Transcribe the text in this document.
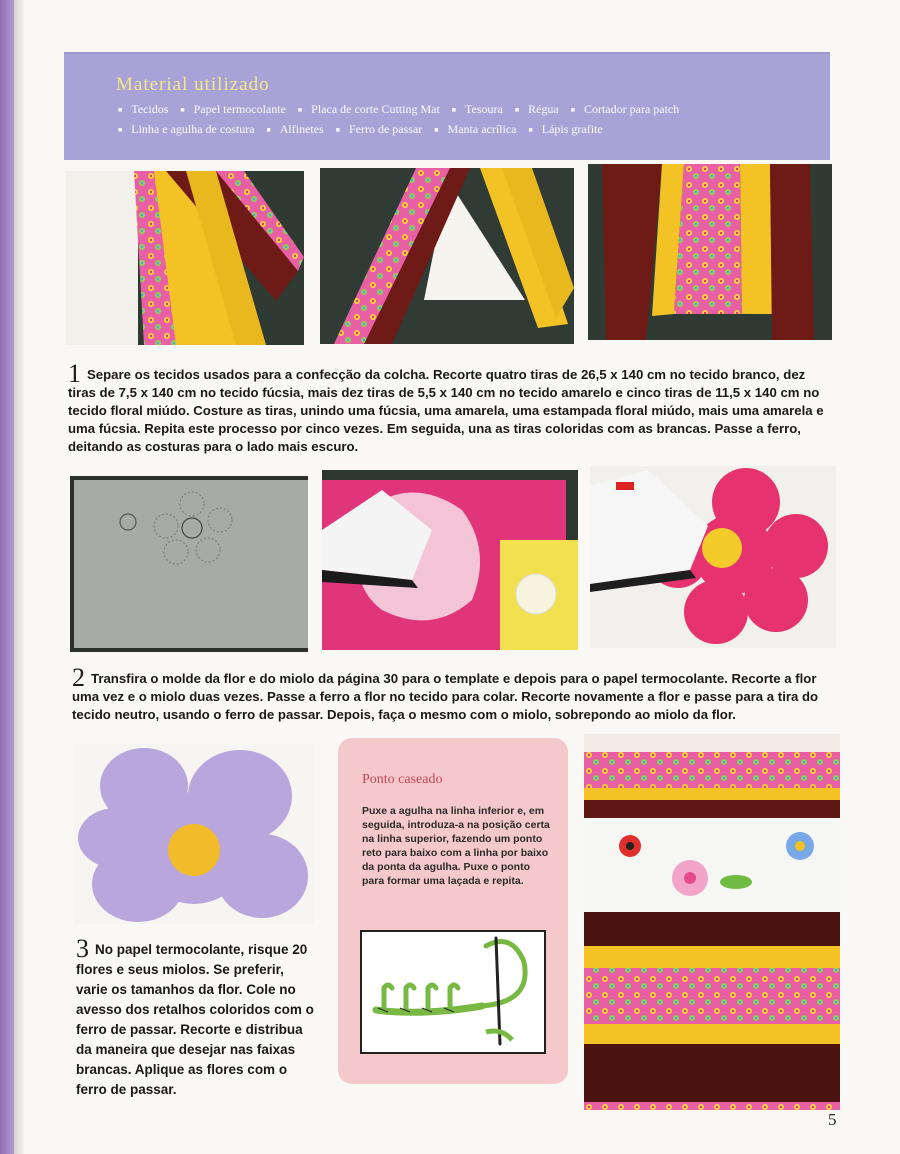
Material utilizado
■ Tecidos ■ Papel termocolante ■ Placa de corte Cutting Mat ■ Tesoura ■ Régua ■ Cortador para patch
■ Linha e agulha de costura ■ Alfinetes ■ Ferro de passar ■ Manta acrílica ■ Lápis grafite
1 Separe os tecidos usados para a confecção da colcha. Recorte quatro tiras de 26,5 x 140 cm no tecido branco, dez tiras de 7,5 x 140 cm no tecido fúcsia, mais dez tiras de 5,5 x 140 cm no tecido amarelo e cinco tiras de 11,5 x 140 cm no tecido floral miúdo. Costure as tiras, unindo uma fúcsia, uma amarela, uma estampada floral miúdo, mais uma amarela e uma fúcsia. Repita este processo por cinco vezes. Em seguida, una as tiras coloridas com as brancas. Passe a ferro, deitando as costuras para o lado mais escuro.
2 Transfira o molde da flor e do miolo da página 30 para o template e depois para o papel termocolante. Recorte a flor uma vez e o miolo duas vezes. Passe a ferro a flor no tecido para colar. Recorte novamente a flor e passe para a tira do tecido neutro, usando o ferro de passar. Depois, faça o mesmo com o miolo, sobrepondo ao miolo da flor.
3 No papel termocolante, risque 20 flores e seus miolos. Se preferir, varie os tamanhos da flor. Cole no avesso dos retalhos coloridos com o ferro de passar. Recorte e distribua da maneira que desejar nas faixas brancas. Aplique as flores com o ferro de passar.
Ponto caseado
Puxe a agulha na linha inferior e, em seguida, introduza-a na posição certa na linha superior, fazendo um ponto reto para baixo com a linha por baixo da ponta da agulha. Puxe o ponto para formar uma laçada e repita.
5
